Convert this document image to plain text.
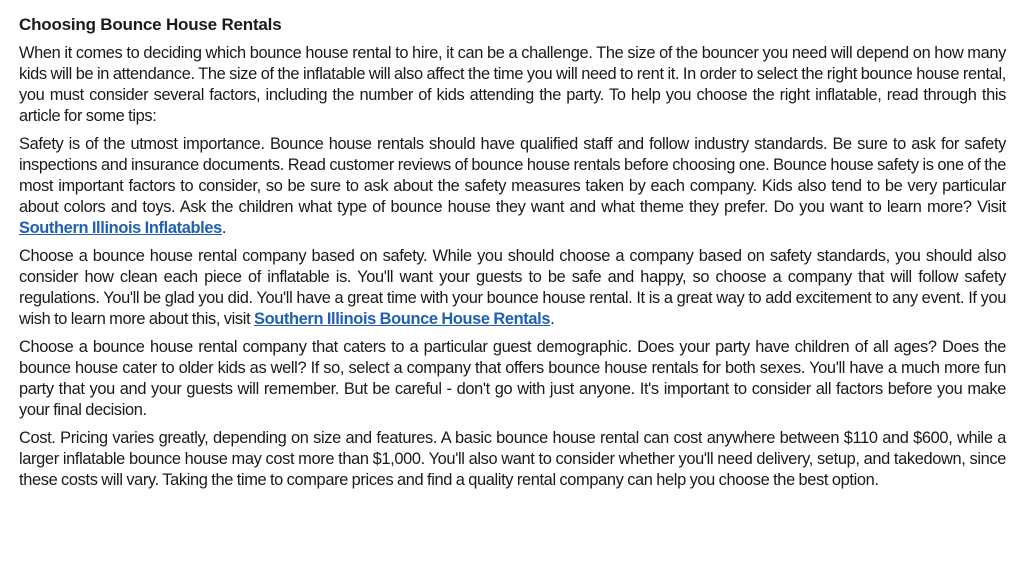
Choosing Bounce House Rentals

When it comes to deciding which bounce house rental to hire, it can be a challenge. The size of the bouncer you need will depend on how many kids will be in attendance. The size of the inflatable will also affect the time you will need to rent it. In order to select the right bounce house rental, you must consider several factors, including the number of kids attending the party. To help you choose the right inflatable, read through this article for some tips:

Safety is of the utmost importance. Bounce house rentals should have qualified staff and follow industry standards. Be sure to ask for safety inspections and insurance documents. Read customer reviews of bounce house rentals before choosing one. Bounce house safety is one of the most important factors to consider, so be sure to ask about the safety measures taken by each company. Kids also tend to be very particular about colors and toys. Ask the children what type of bounce house they want and what theme they prefer. Do you want to learn more? Visit Southern Illinois Inflatables.

Choose a bounce house rental company based on safety. While you should choose a company based on safety standards, you should also consider how clean each piece of inflatable is. You'll want your guests to be safe and happy, so choose a company that will follow safety regulations. You'll be glad you did. You'll have a great time with your bounce house rental. It is a great way to add excitement to any event. If you wish to learn more about this, visit Southern Illinois Bounce House Rentals.

Choose a bounce house rental company that caters to a particular guest demographic. Does your party have children of all ages? Does the bounce house cater to older kids as well? If so, select a company that offers bounce house rentals for both sexes. You'll have a much more fun party that you and your guests will remember. But be careful - don't go with just anyone. It's important to consider all factors before you make your final decision.

Cost. Pricing varies greatly, depending on size and features. A basic bounce house rental can cost anywhere between $110 and $600, while a larger inflatable bounce house may cost more than $1,000. You'll also want to consider whether you'll need delivery, setup, and takedown, since these costs will vary. Taking the time to compare prices and find a quality rental company can help you choose the best option.
